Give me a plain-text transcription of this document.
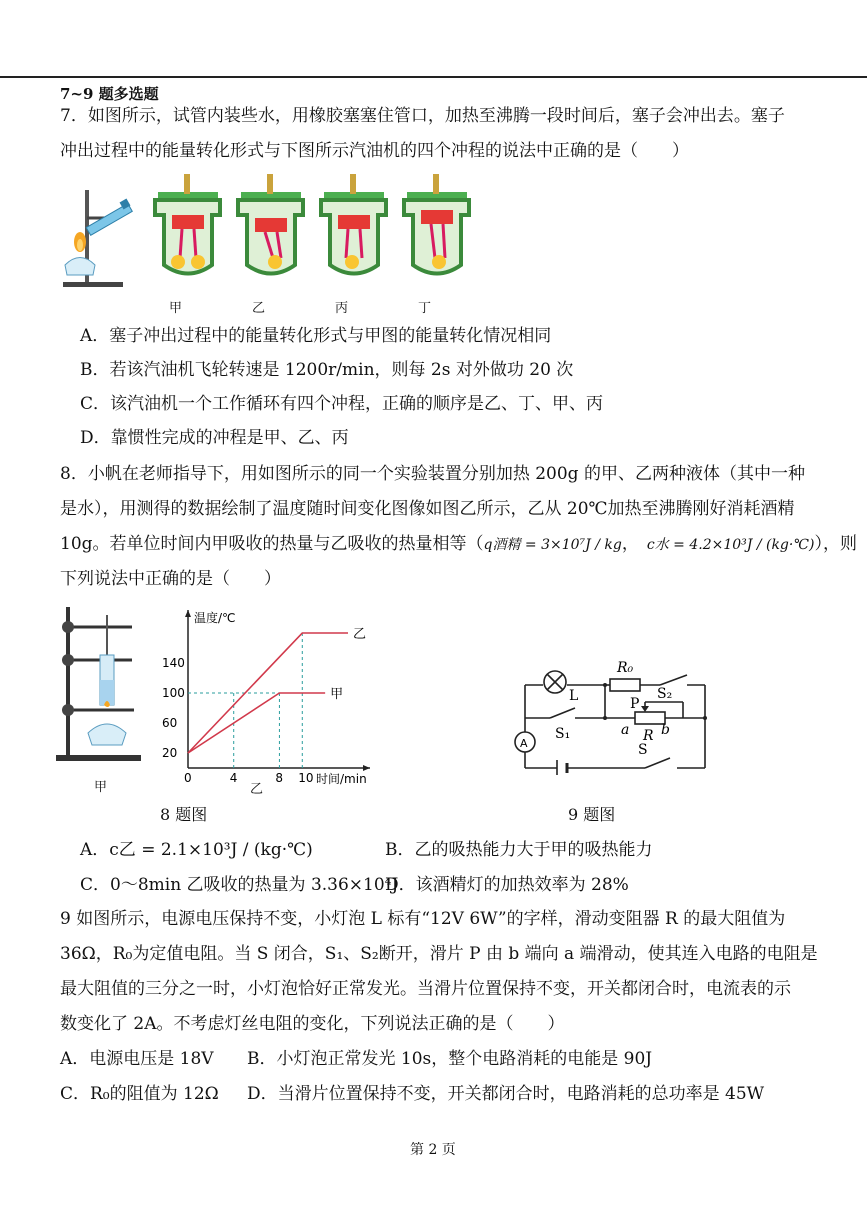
7~9 题多选题
7．如图所示，试管内装些水，用橡胶塞塞住管口，加热至沸腾一段时间后，塞子会冲出去。塞子
冲出过程中的能量转化形式与下图所示汽油机的四个冲程的说法中正确的是（　　）
甲	乙	丙	丁
A．塞子冲出过程中的能量转化形式与甲图的能量转化情况相同
B．若该汽油机飞轮转速是 1200r/min，则每 2s 对外做功 20 次
C．该汽油机一个工作循环有四个冲程，正确的顺序是乙、丁、甲、丙
D．靠惯性完成的冲程是甲、乙、丙
8．小帆在老师指导下，用如图所示的同一个实验装置分别加热 200g 的甲、乙两种液体（其中一种
是水），用测得的数据绘制了温度随时间变化图像如图乙所示，乙从 20℃加热至沸腾刚好消耗酒精
10g。若单位时间内甲吸收的热量与乙吸收的热量相等（q酒精 = 3×10⁷J / kg， c水 = 4.2×10³J / (kg·℃)），则
下列说法中正确的是（　　）
甲
温度/℃
时间/min
甲
乙
0	4	8 10
20
60
100
140
乙
A
L
R₀
S₂
P
a R b
S
S₁
8 题图	9 题图
A．c乙 = 2.1×10³J / (kg·℃)	B．乙的吸热能力大于甲的吸热能力
C．0～8min 乙吸收的热量为 3.36×10⁴J
D．该酒精灯的加热效率为 28%
9 如图所示，电源电压保持不变，小灯泡 L 标有“12V 6W”的字样，滑动变阻器 R 的最大阻值为
36Ω，R₀为定值电阻。当 S 闭合，S₁、S₂断开，滑片 P 由 b 端向 a 端滑动，使其连入电路的电阻是
最大阻值的三分之一时，小灯泡恰好正常发光。当滑片位置保持不变，开关都闭合时，电流表的示
数变化了 2A。不考虑灯丝电阻的变化，下列说法正确的是（　　）
A．电源电压是 18V B．小灯泡正常发光 10s，整个电路消耗的电能是 90J
C．R₀的阻值为 12Ω D．当滑片位置保持不变，开关都闭合时，电路消耗的总功率是 45W
第 2 页
